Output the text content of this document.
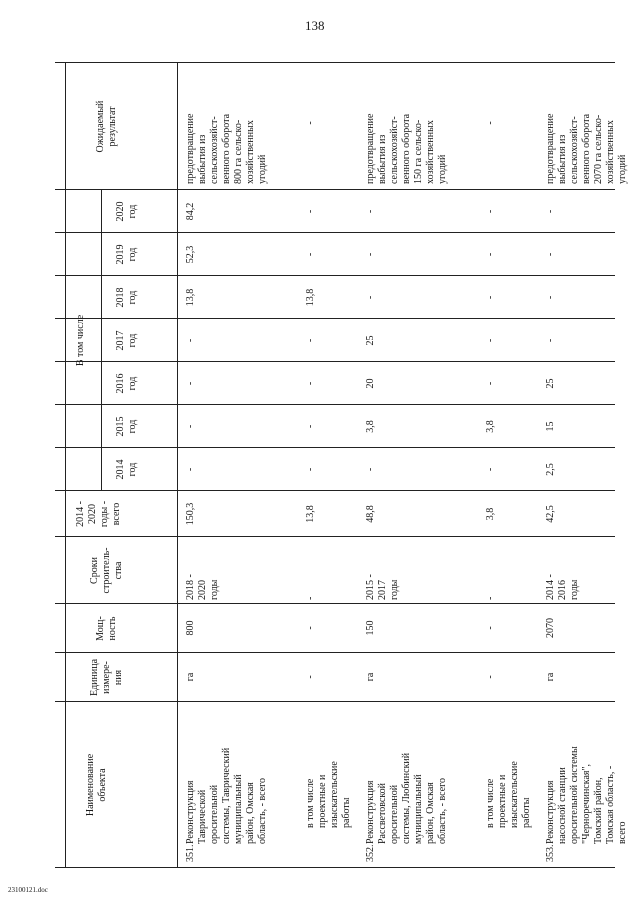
138
23100121.doc
Наименование
объекта
Единица
измере-
ния
Мощ-
ность
Сроки
строитель-
ства
2014 -
2020
годы -
всего
В том числе
2014
год
2015
год
2016
год
2017
год
2018
год
2019
год
2020
год
Ожидаемый
результат
351.
Реконструкция
Таврической
оросительной
системы, Таврический
муниципальный
район, Омская
область, - всего
га
800
2018 -
2020
годы
150,3
-
-
-
-
13,8
52,3
84,2
предотвращение
выбытия из
сельскохозяйст-
венного оборота
800 га сельско-
хозяйственных
угодий
в том числе
проектные и
изыскательские
работы
-
-
-
13,8
-
-
-
-
13,8
-
-
-
352.
Реконструкция
Рассветовской
оросительной
системы, Любинский
муниципальный
район, Омская
область, - всего
га
150
2015 -
2017
годы
48,8
-
3,8
20
25
-
-
-
предотвращение
выбытия из
сельскохозяйст-
венного оборота
150 га сельско-
хозяйственных
угодий
в том числе
проектные и
изыскательские
работы
-
-
-
3,8
-
3,8
-
-
-
-
-
-
353.
Реконструкция
насосной станции
оросительной системы
"Черноречинская",
Томский район,
Томская область, -
всего
га
2070
2014 -
2016
годы
42,5
2,5
15
25
-
-
-
-
предотвращение
выбытия из
сельскохозяйст-
венного оборота
2070 га сельско-
хозяйственных
угодий
